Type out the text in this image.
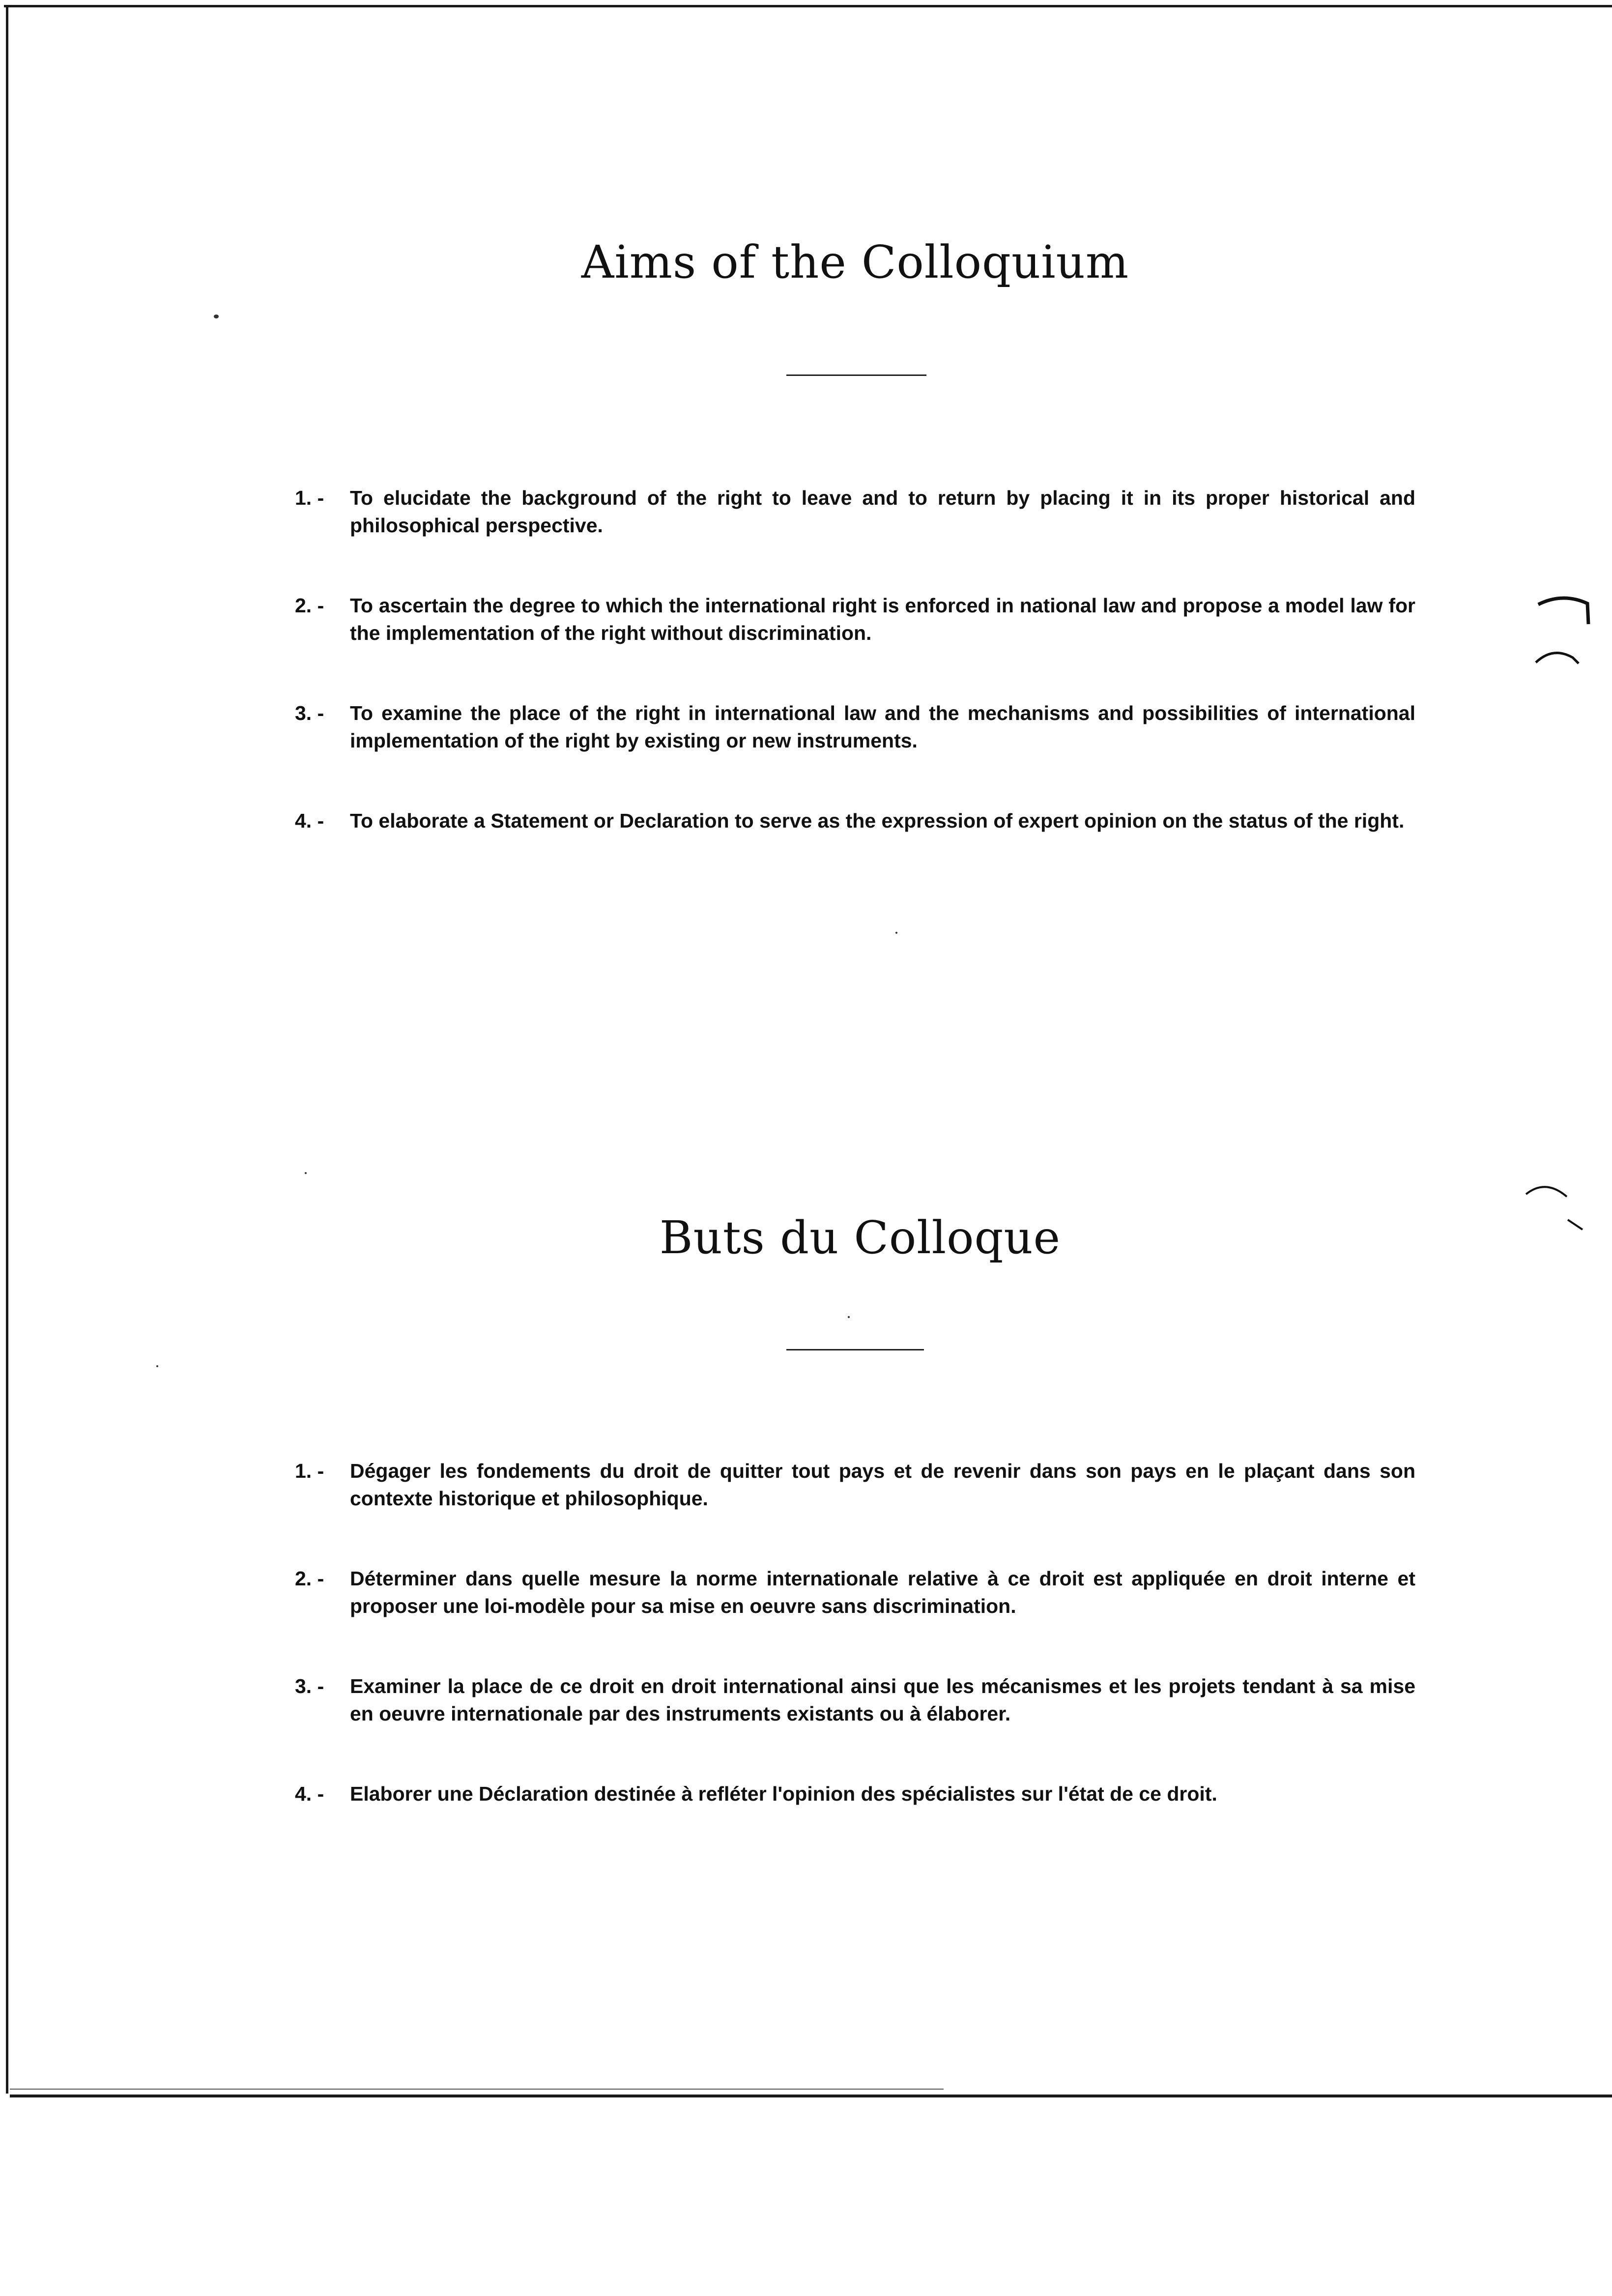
Aims of the Colloquium
1. -	To elucidate the background of the right to leave and to return by placing it in its proper historical and philosophical perspective.
2. -	To ascertain the degree to which the international right is enforced in national law and propose a model law for the implementation of the right without discrimination.
3. -	To examine the place of the right in international law and the mechanisms and possibilities of international implementation of the right by existing or new instruments.
4. -	To elaborate a Statement or Declaration to serve as the expression of expert opinion on the status of the right.
Buts du Colloque
1. -	Dégager les fondements du droit de quitter tout pays et de revenir dans son pays en le plaçant dans son contexte historique et philosophique.
2. -	Déterminer dans quelle mesure la norme internationale relative à ce droit est appliquée en droit interne et proposer une loi-modèle pour sa mise en oeuvre sans discrimination.
3. -	Examiner la place de ce droit en droit international ainsi que les mécanismes et les projets tendant à sa mise en oeuvre internationale par des instruments existants ou à élaborer.
4. -	Elaborer une Déclaration destinée à refléter l'opinion des spécialistes sur l'état de ce droit.
